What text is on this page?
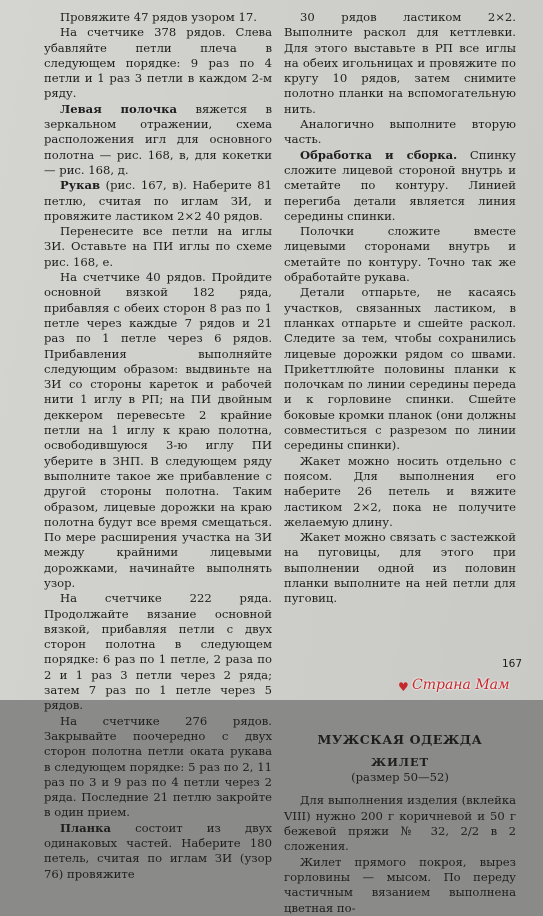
Провяжите 47 рядов узором 17.

На счетчике 378 рядов. Слева убавляйте петли плеча в следующем порядке: 9 раз по 4 петли и 1 раз 3 петли в каждом 2-м ряду.

Левая полочка вяжется в зеркальном отражении, схема расположения игл для основного полотна — рис. 168, в, для кокетки — рис. 168, д.

Рукав (рис. 167, в). Наберите 81 петлю, считая по иглам ЗИ, и провяжите ластиком 2×2 40 рядов.

Перенесите все петли на иглы ЗИ. Оставьте на ПИ иглы по схеме рис. 168, е.

На счетчике 40 рядов. Пройдите основной вязкой 182 ряда, прибавляя с обеих сторон 8 раз по 1 петле через каждые 7 рядов и 21 раз по 1 петле через 6 рядов. Прибавления выполняйте следующим образом: выдвиньте на ЗИ со стороны кареток и рабочей нити 1 иглу в РП; на ПИ двойным деккером перевесьте 2 крайние петли на 1 иглу к краю полотна, освободившуюся 3-ю иглу ПИ уберите в ЗНП. В следующем ряду выполните такое же прибавление с другой стороны полотна. Таким образом, лицевые дорожки на краю полотна будут все время смещаться. По мере расширения участка на ЗИ между крайними лицевыми дорожками, начинайте выполнять узор.

На счетчике 222 ряда. Продолжайте вязание основной вязкой, прибавляя петли с двух сторон полотна в следующем порядке: 6 раз по 1 петле, 2 раза по 2 и 1 раз 3 петли через 2 ряда; затем 7 раз по 1 петле через 5 рядов.

На счетчике 276 рядов. Закрывайте поочередно с двух сторон полотна петли оката рукава в следующем порядке: 5 раз по 2, 11 раз по 3 и 9 раз по 4 петли через 2 ряда. Последние 21 петлю закройте в один прием.

Планка состоит из двух одинаковых частей. Наберите 180 петель, считая по иглам ЗИ (узор 76) провяжите

30 рядов ластиком 2×2. Выполните раскол для кеттлевки. Для этого выставьте в РП все иглы на обеих игольницах и провяжите по кругу 10 рядов, затем снимите полотно планки на вспомогательную нить.

Аналогично выполните вторую часть.

Обработка и сборка. Спинку сложите лицевой стороной внутрь и сметайте по контуру. Линией перегиба детали является линия середины спинки.

Полочки сложите вместе лицевыми сторонами внутрь и сметайте по контуру. Точно так же обработайте рукава.

Детали отпарьте, не касаясь участков, связанных ластиком, в планках отпарьте и сшейте раскол. Следите за тем, чтобы сохранились лицевые дорожки рядом со швами. Приkеттлюйте половины планки к полочкам по линии середины переда и к горловине спинки. Сшейте боковые кромки планок (они должны совместиться с разрезом по линии середины спинки).

Жакет можно носить отдельно с поясом. Для выполнения его наберите 26 петель и вяжите ластиком 2×2, пока не получите желаемую длину.

Жакет можно связать с застежкой на пуговицы, для этого при выполнении одной из половин планки выполните на ней петли для пуговиц.

МУЖСКАЯ ОДЕЖДА

ЖИЛЕТ

(размер 50—52)

Для выполнения изделия (вклейка VIII) нужно 200 г коричневой и 50 г бежевой пряжи № 32, 2/2 в 2 сложения.

Жилет прямого покроя, вырез горловины — мысом. По переду частичным вязанием выполнена цветная по-

167
♥ Страна Мам
